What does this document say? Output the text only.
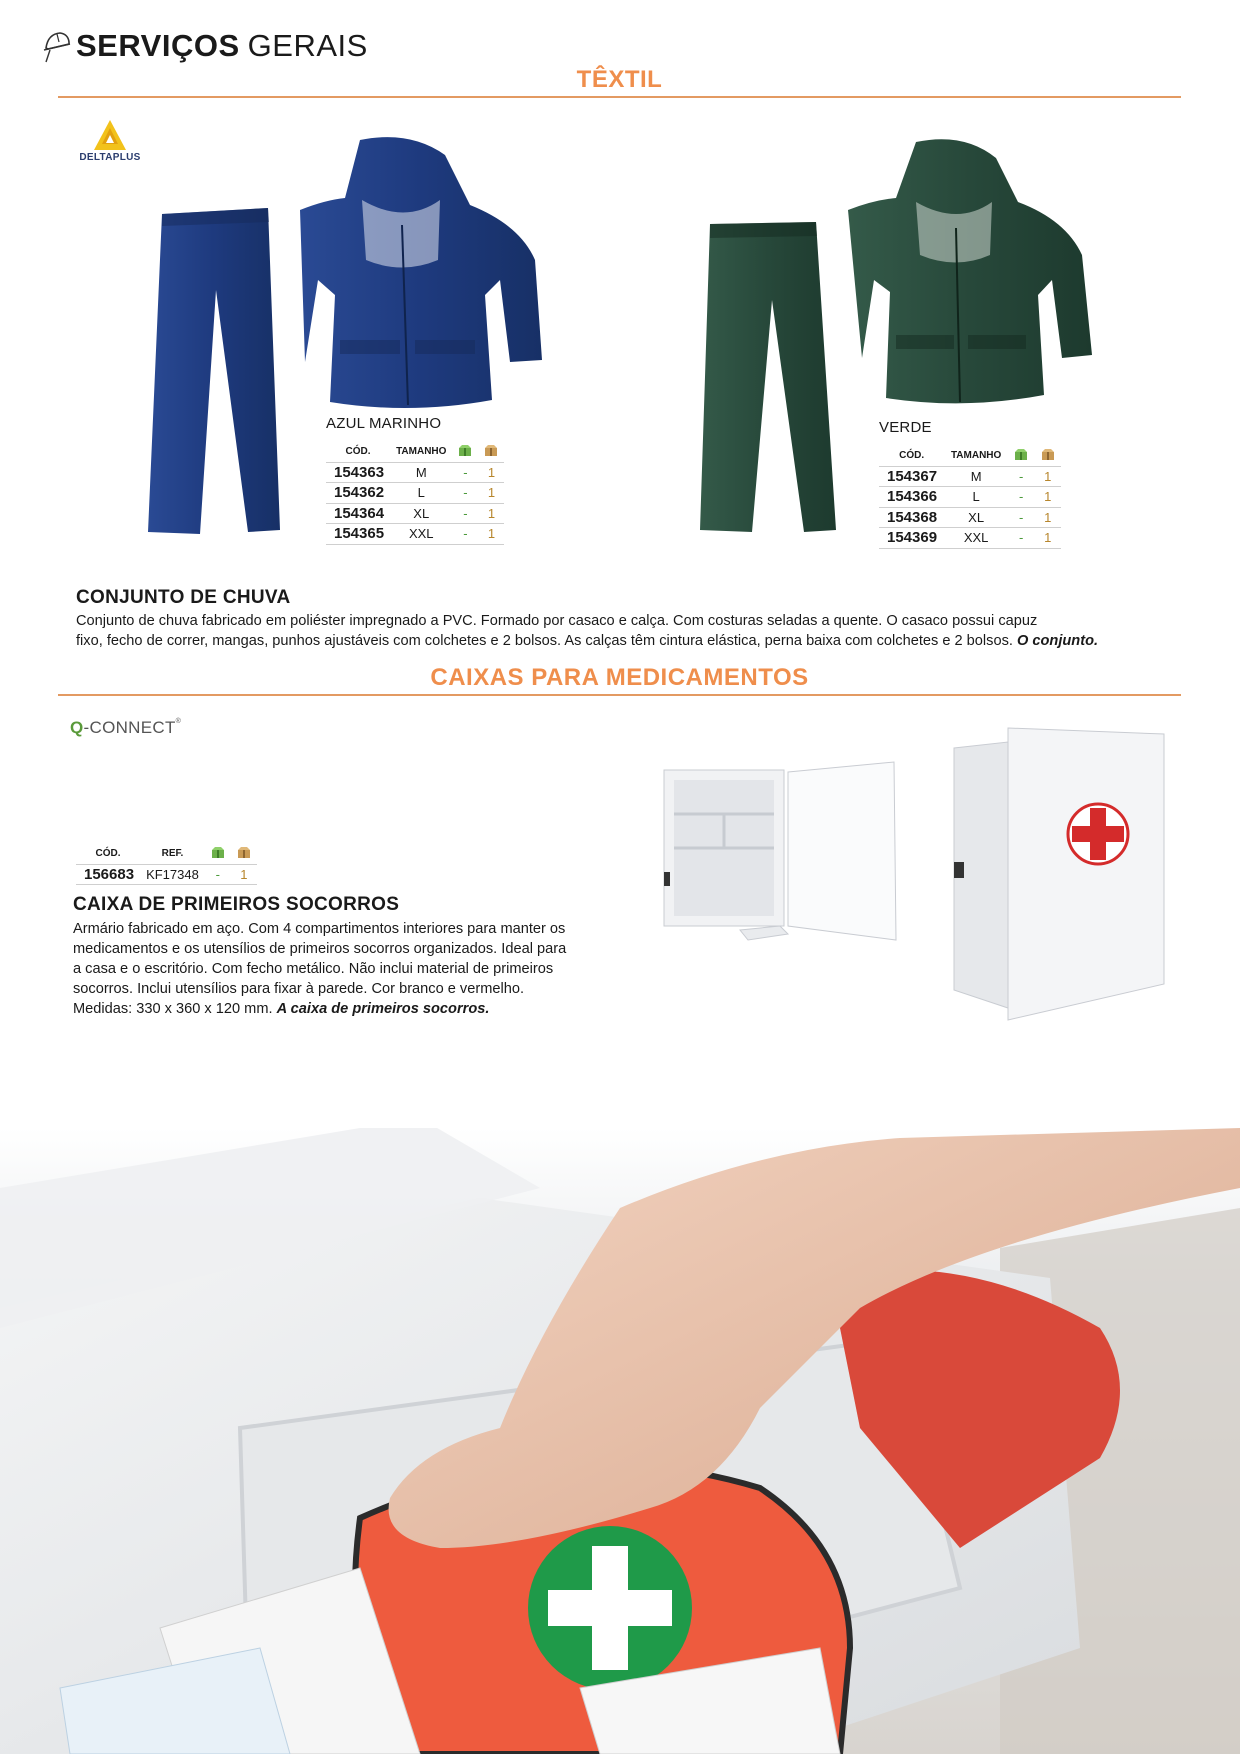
SERVIÇOS GERAIS
TÊXTIL
DELTAPLUS
AZUL MARINHO
CÓD.	TAMANHO		
154363	M	-	1
154362	L	-	1
154364	XL	-	1
154365	XXL	-	1
VERDE
CÓD.	TAMANHO		
154367	M	-	1
154366	L	-	1
154368	XL	-	1
154369	XXL	-	1
CONJUNTO DE CHUVA
Conjunto de chuva fabricado em poliéster impregnado a PVC. Formado por casaco e calça. Com costuras seladas a quente. O casaco possui capuz
fixo, fecho de correr, mangas, punhos ajustáveis com colchetes e 2 bolsos. As calças têm cintura elástica, perna baixa com colchetes e 2 bolsos. O conjunto.
CAIXAS PARA MEDICAMENTOS
Q-CONNECT®
CÓD.	REF.		
156683	KF17348	-	1
CAIXA DE PRIMEIROS SOCORROS
Armário fabricado em aço. Com 4 compartimentos interiores para manter os
medicamentos e os utensílios de primeiros socorros organizados. Ideal para
a casa e o escritório. Com fecho metálico. Não inclui material de primeiros
socorros. Inclui utensílios para fixar à parede. Cor branco e vermelho.
Medidas: 330 x 360 x 120 mm. A caixa de primeiros socorros.
